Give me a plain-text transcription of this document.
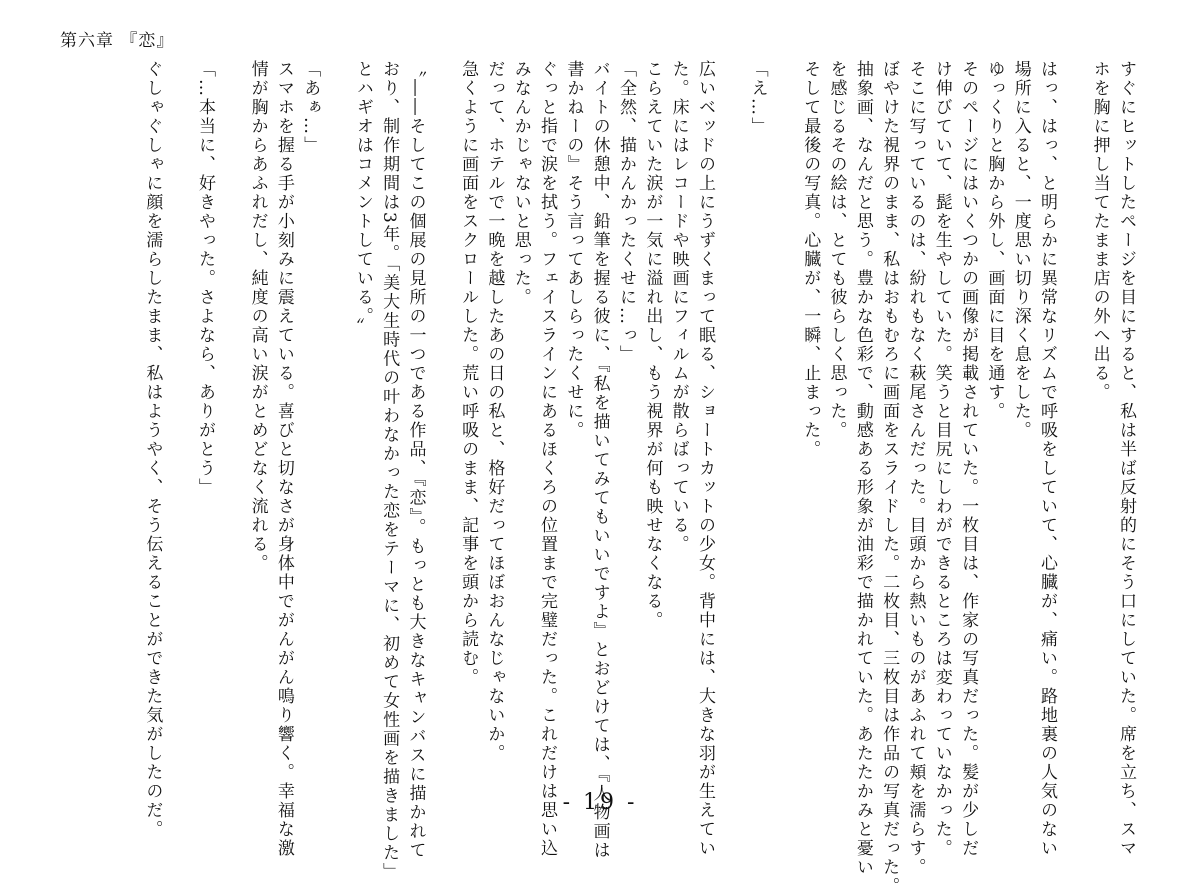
第六章 『恋』
すぐにヒットしたページを目にすると、私は半ば反射的にそう口にしていた。席を立ち、スマ
ホを胸に押し当てたまま店の外へ出る。
はっ、はっ、と明らかに異常なリズムで呼吸をしていて、心臓が、痛い。路地裏の人気のない
場所に入ると、一度思い切り深く息をした。
ゆっくりと胸から外し、画面に目を通す。
そのページにはいくつかの画像が掲載されていた。一枚目は、作家の写真だった。髪が少しだ
け伸びていて、髭を生やしていた。笑うと目尻にしわができるところは変わっていなかった。
そこに写っているのは、紛れもなく萩尾さんだった。目頭から熱いものがあふれて頬を濡らす。
ぼやけた視界のまま、私はおもむろに画面をスライドした。二枚目、三枚目は作品の写真だった。
抽象画、なんだと思う。豊かな色彩で、動感ある形象が油彩で描かれていた。あたたかみと憂い
を感じるその絵は、とても彼らしく思った。
そして最後の写真。心臓が、一瞬、止まった。
「え…」
広いベッドの上にうずくまって眠る、ショートカットの少女。背中には、大きな羽が生えてい
た。床にはレコードや映画にフィルムが散らばっている。
こらえていた涙が一気に溢れ出し、もう視界が何も映せなくなる。
「全然、描かんかったくせに…っ」
バイトの休憩中、鉛筆を握る彼に、『私を描いてみてもいいですよ』とおどけては、『人物画は
書かねーの』そう言ってあしらったくせに。
ぐっと指で涙を拭う。フェイスラインにあるほくろの位置まで完璧だった。これだけは思い込
みなんかじゃないと思った。
だって、ホテルで一晩を越したあの日の私と、格好だってほぼおんなじゃないか。
急くように画面をスクロールした。荒い呼吸のまま、記事を頭から読む。
〝――そしてこの個展の見所の一つである作品、『恋』。もっとも大きなキャンバスに描かれて
おり、制作期間は3年。「美大生時代の叶わなかった恋をテーマに、初めて女性画を描きました」
とハギオはコメントしている。〟
「あぁ…」
スマホを握る手が小刻みに震えている。喜びと切なさが身体中でがんがん鳴り響く。幸福な激
情が胸からあふれだし、純度の高い涙がとめどなく流れる。
「…本当に、好きやった。さよなら、ありがとう」
ぐしゃぐしゃに顔を濡らしたまま、私はようやく、そう伝えることができた気がしたのだ。	- 19 -
